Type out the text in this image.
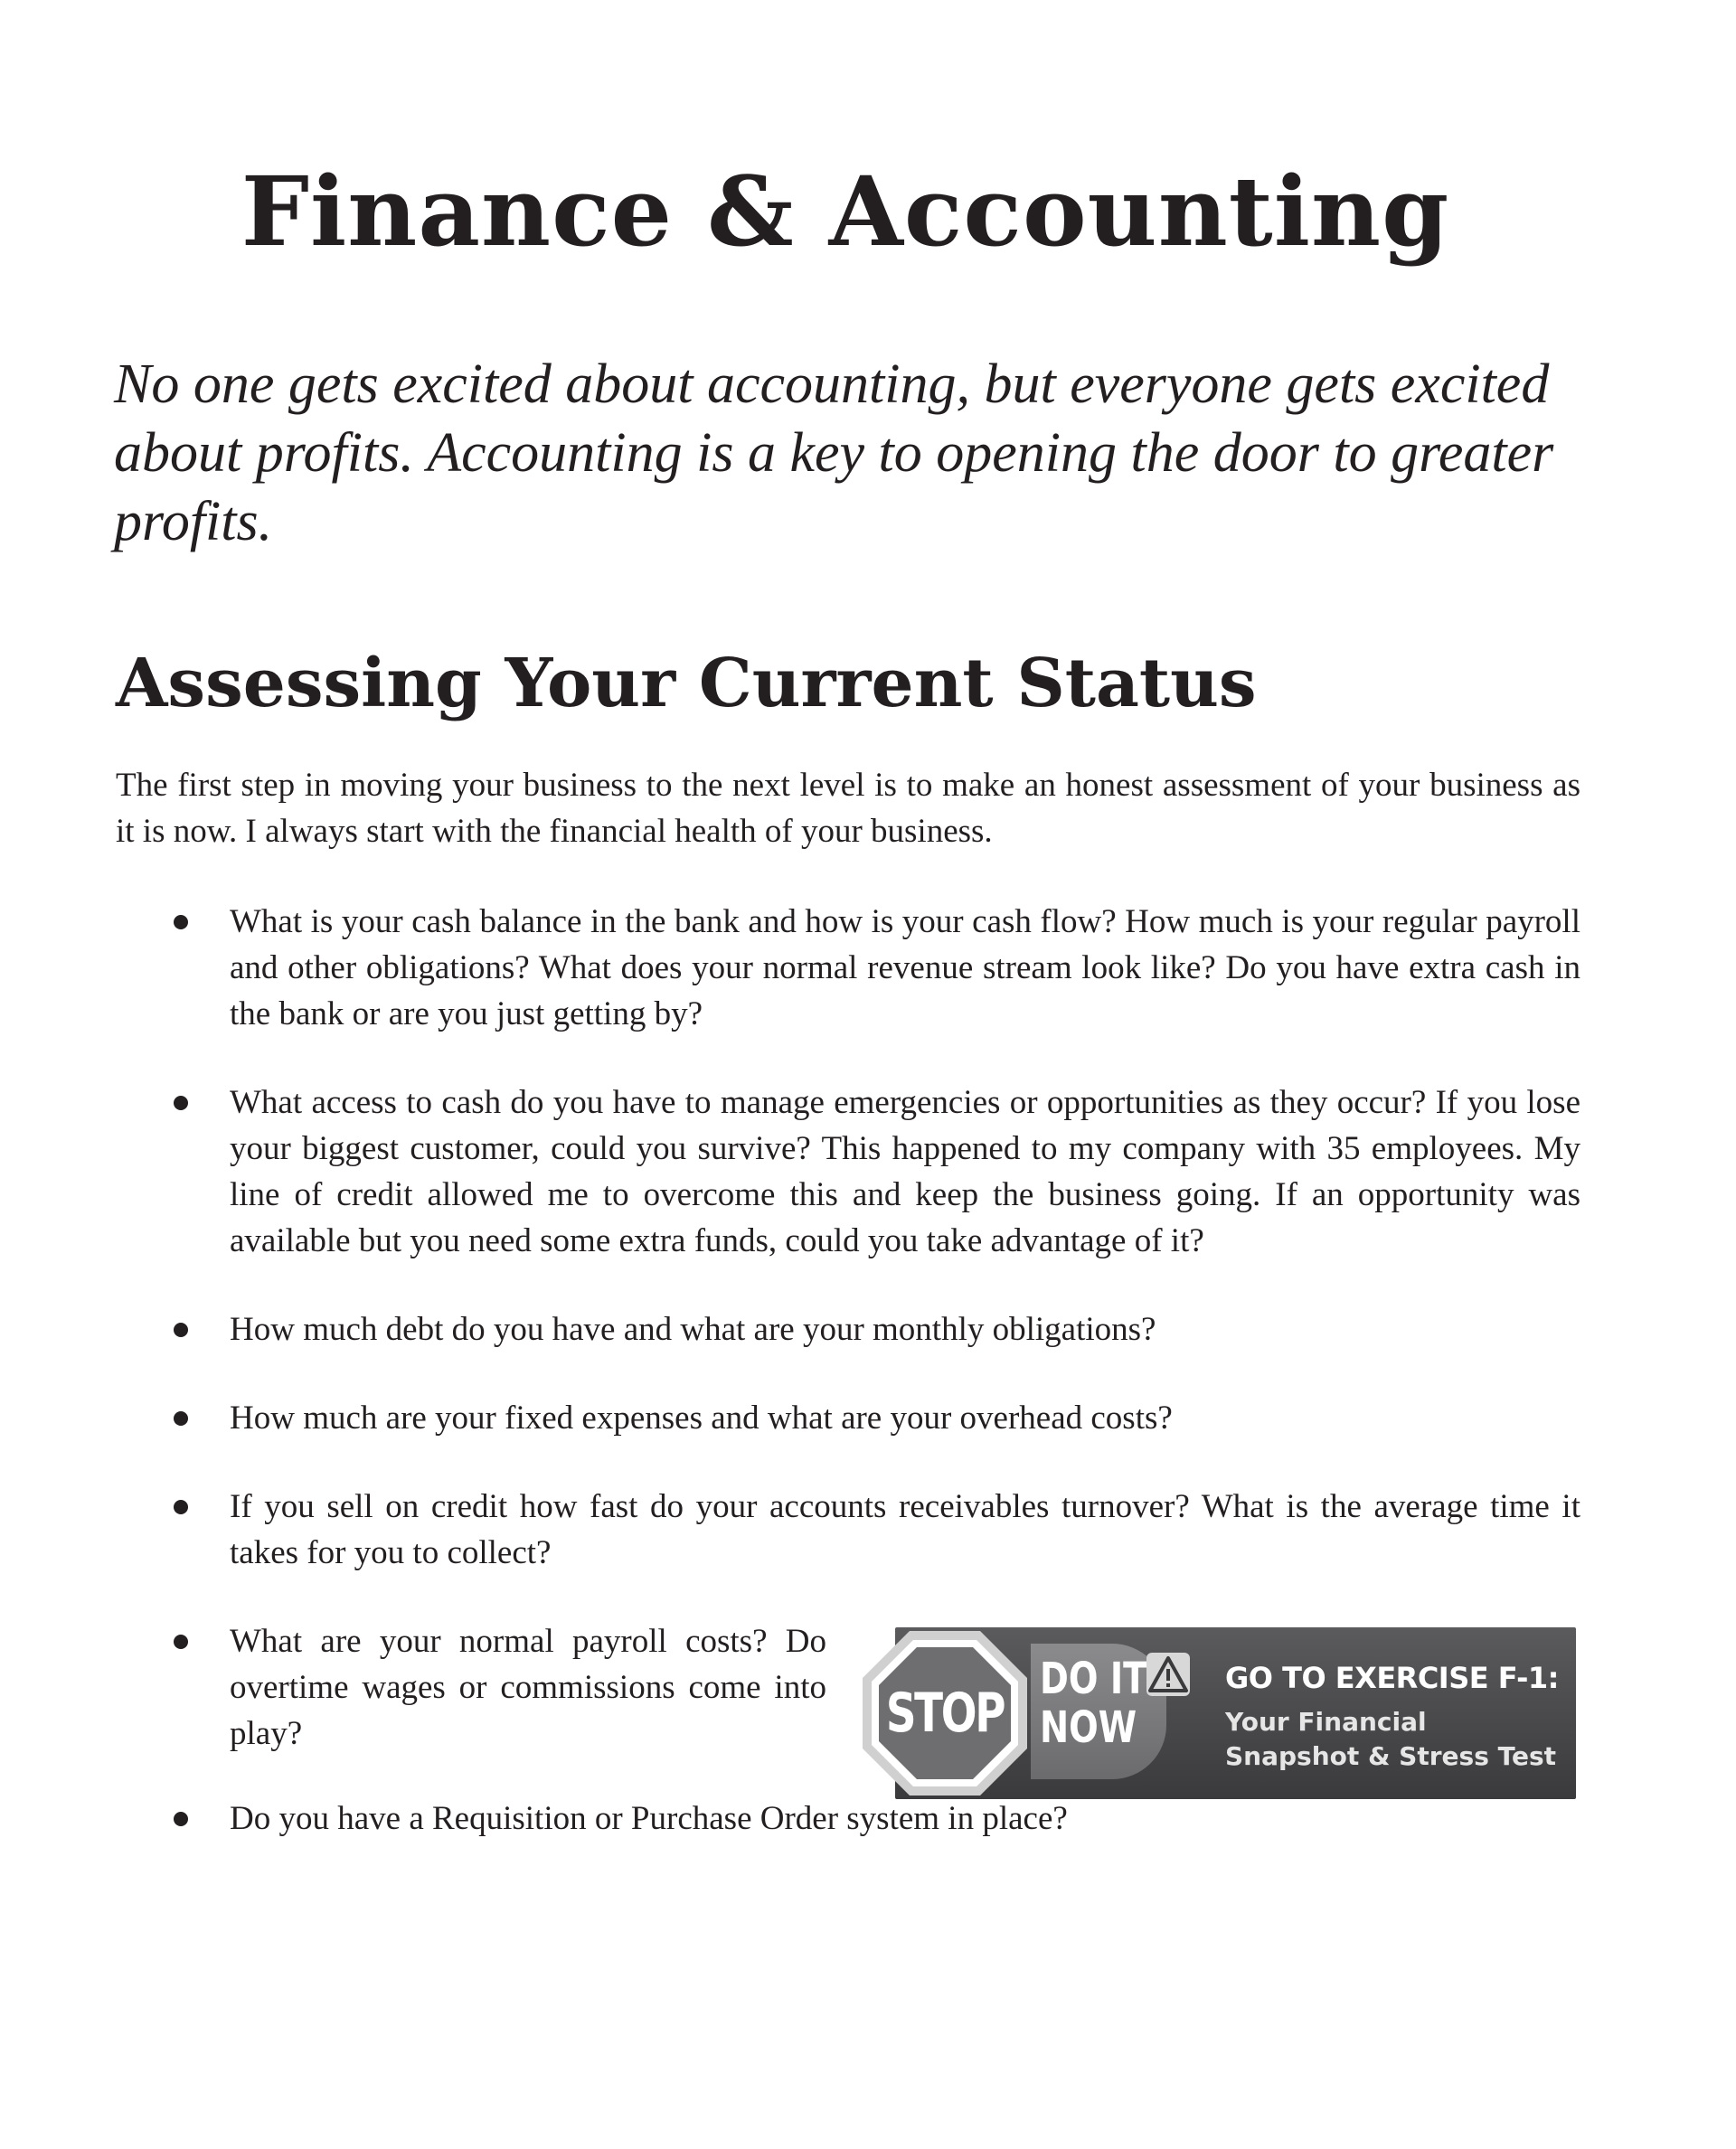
Finance & Accounting

No one gets excited about accounting, but everyone gets excited about profits. Accounting is a key to opening the door to greater profits.

Assessing Your Current Status

The first step in moving your business to the next level is to make an honest assessment of your business as it is now. I always start with the financial health of your business.

What is your cash balance in the bank and how is your cash flow? How much is your regular payroll and other obligations? What does your normal revenue stream look like? Do you have extra cash in the bank or are you just getting by?
What access to cash do you have to manage emergencies or opportunities as they occur? If you lose your biggest customer, could you survive? This happened to my company with 35 employees. My line of credit allowed me to overcome this and keep the business going. If an opportunity was available but you need some extra funds, could you take advantage of it?
How much debt do you have and what are your monthly obligations?
How much are your fixed expenses and what are your overhead costs?
If you sell on credit how fast do your accounts receivables turnover? What is the average time it takes for you to collect?
What are your normal payroll costs? Do overtime wages or commissions come into play?
Do you have a Requisition or Purchase Order system in place?
DO IT
NOW
STOP
GO TO EXERCISE F-1:
Your Financial
Snapshot & Stress Test
